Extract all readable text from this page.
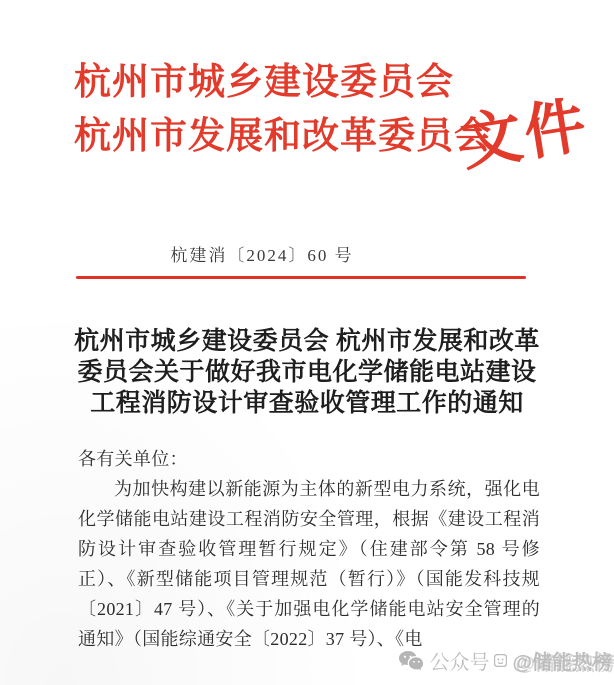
杭州市城乡建设委员会
杭州市发展和改革委员会
文件
杭建消〔2024〕60 号
杭州市城乡建设委员会 杭州市发展和改革
委员会关于做好我市电化学储能电站建设
工程消防设计审查验收管理工作的通知

各有关单位：

为加快构建以新能源为主体的新型电力系统，强化电化学储能电站建设工程消防安全管理，根据《建设工程消防设计审查验收管理暂行规定》（住建部令第 58 号修正）、《新型储能项目管理规范（暂行）》（国能发科技规〔2021〕47 号）、《关于加强电化学储能电站安全管理的通知》（国能综通安全〔2022〕37 号）、《电

公众号 @储能热榜
